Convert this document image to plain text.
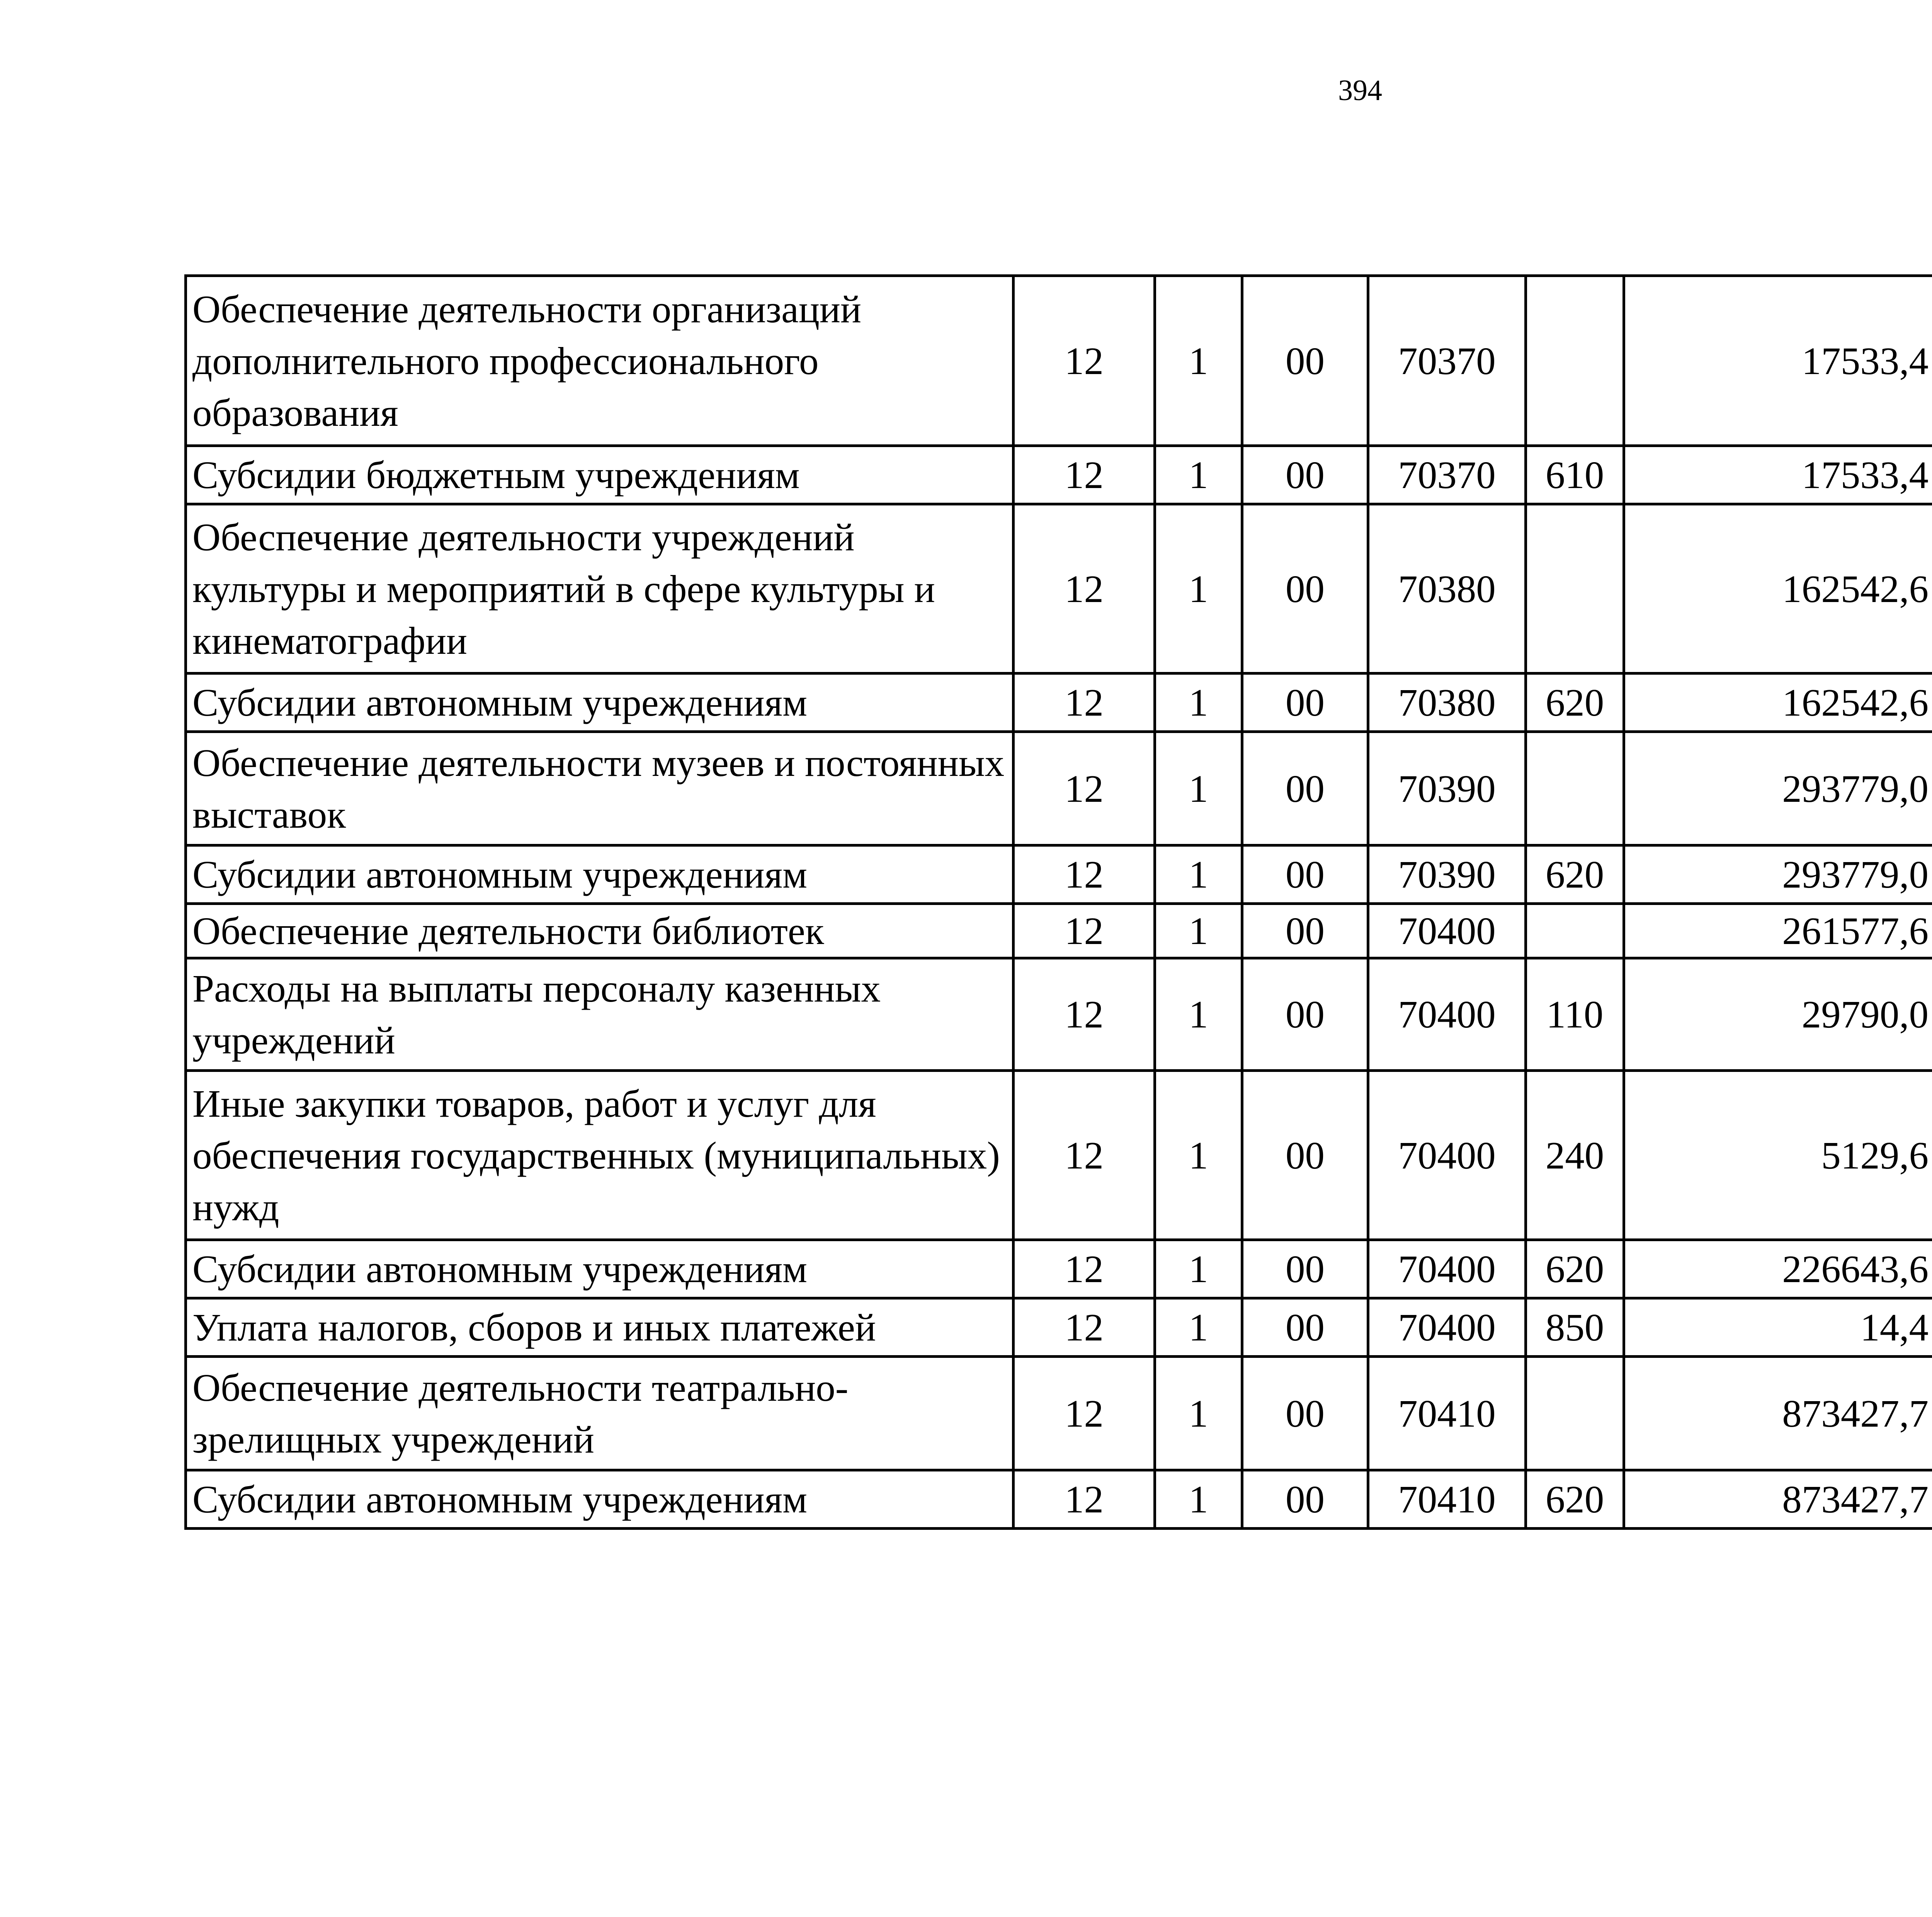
394
Обеспечение деятельности организаций дополнительного профессионального образования	12	1	00	70370		17533,4		
Субсидии бюджетным учреждениям	12	1	00	70370	610	17533,4		
Обеспечение деятельности учреждений культуры и мероприятий в сфере культуры и кинематографии	12	1	00	70380		162542,6		
Субсидии автономным учреждениям	12	1	00	70380	620	162542,6		
Обеспечение деятельности музеев и постоянных выставок	12	1	00	70390		293779,0		
Субсидии автономным учреждениям	12	1	00	70390	620	293779,0		
Обеспечение деятельности библиотек	12	1	00	70400		261577,6		
Расходы на выплаты персоналу казенных учреждений	12	1	00	70400	110	29790,0		
Иные закупки товаров, работ и услуг для обеспечения государственных (муниципальных) нужд	12	1	00	70400	240	5129,6		
Субсидии автономным учреждениям	12	1	00	70400	620	226643,6		
Уплата налогов, сборов и иных платежей	12	1	00	70400	850	14,4		
Обеспечение деятельности театрально-зрелищных учреждений	12	1	00	70410		873427,7		
Субсидии автономным учреждениям	12	1	00	70410	620	873427,7		
